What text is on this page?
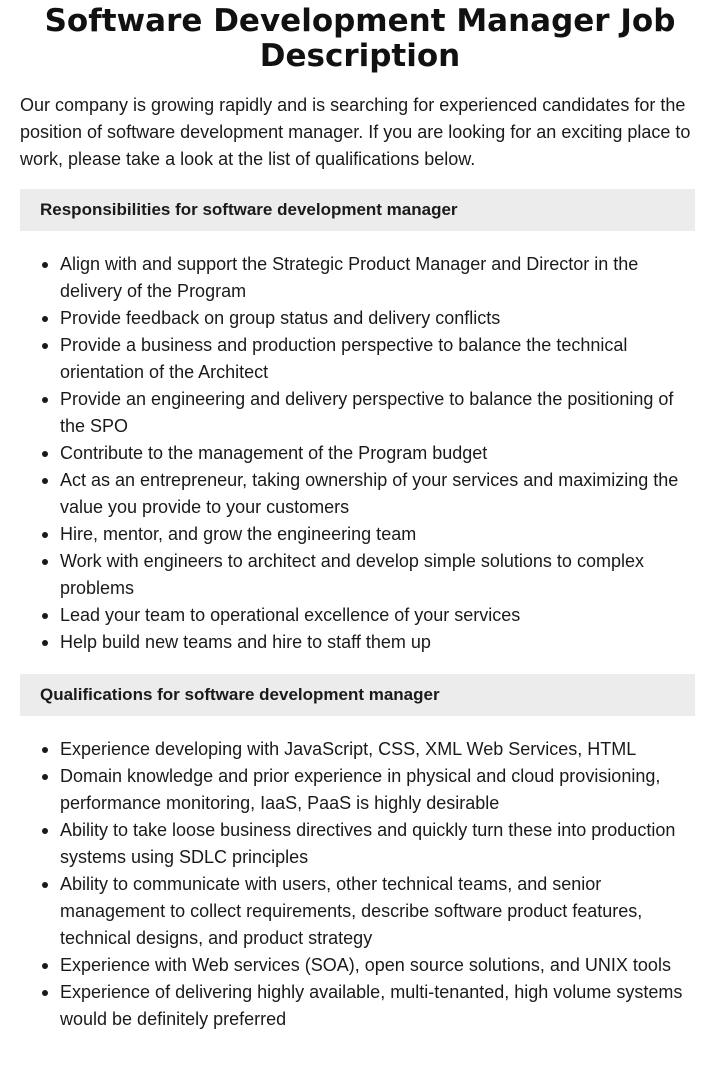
Software Development Manager Job Description

Our company is growing rapidly and is searching for experienced candidates for the position of software development manager. If you are looking for an exciting place to work, please take a look at the list of qualifications below.

Responsibilities for software development manager
Align with and support the Strategic Product Manager and Director in the delivery of the Program
Provide feedback on group status and delivery conflicts
Provide a business and production perspective to balance the technical orientation of the Architect
Provide an engineering and delivery perspective to balance the positioning of the SPO
Contribute to the management of the Program budget
Act as an entrepreneur, taking ownership of your services and maximizing the value you provide to your customers
Hire, mentor, and grow the engineering team
Work with engineers to architect and develop simple solutions to complex problems
Lead your team to operational excellence of your services
Help build new teams and hire to staff them up
Qualifications for software development manager
Experience developing with JavaScript, CSS, XML Web Services, HTML
Domain knowledge and prior experience in physical and cloud provisioning, performance monitoring, IaaS, PaaS is highly desirable
Ability to take loose business directives and quickly turn these into production systems using SDLC principles
Ability to communicate with users, other technical teams, and senior management to collect requirements, describe software product features, technical designs, and product strategy
Experience with Web services (SOA), open source solutions, and UNIX tools
Experience of delivering highly available, multi-tenanted, high volume systems would be definitely preferred
